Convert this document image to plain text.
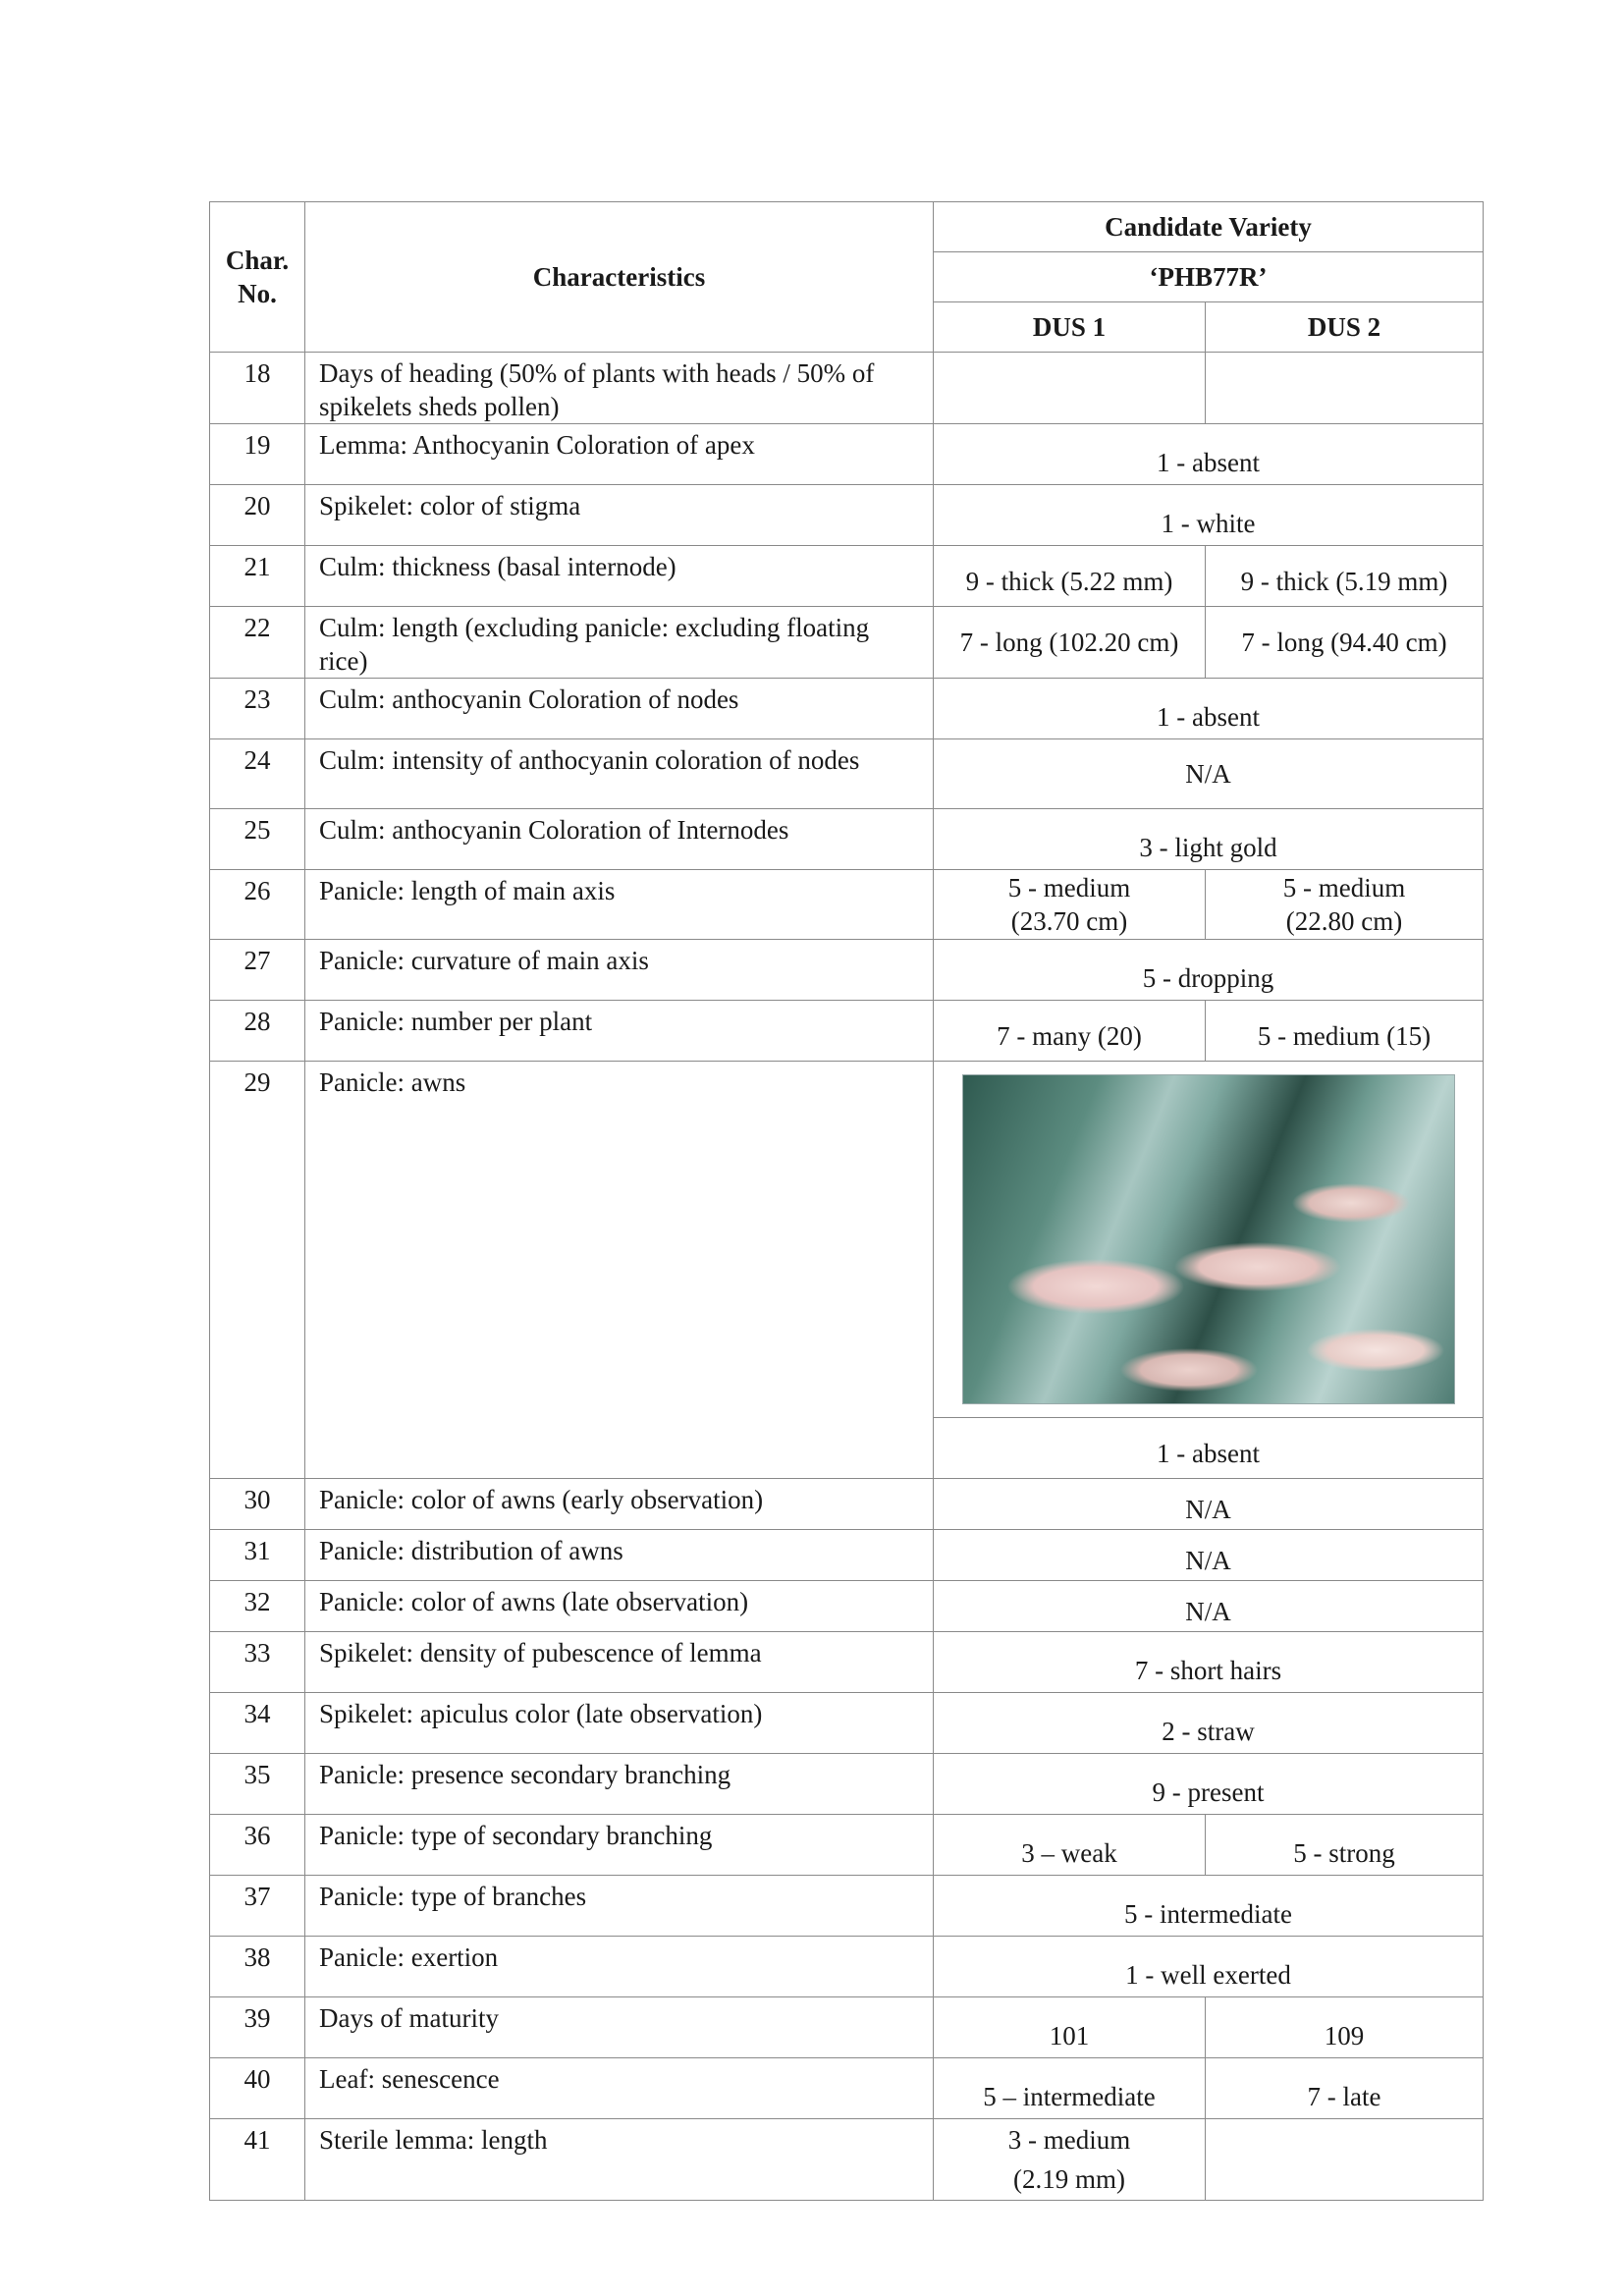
Char. No.	Characteristics	Candidate Variety	
		‘PHB77R’	
		DUS 1	DUS 2
18	Days of heading (50% of plants with heads / 50% of spikelets sheds pollen)		
19	Lemma: Anthocyanin Coloration of apex	1 - absent	
20	Spikelet: color of stigma	1 - white	
21	Culm: thickness (basal internode)	9 - thick (5.22 mm)	9 - thick (5.19 mm)
22	Culm: length (excluding panicle: excluding floating rice)	7 - long (102.20 cm)	7 - long (94.40 cm)
23	Culm: anthocyanin Coloration of nodes	1 - absent	
24	Culm: intensity of anthocyanin coloration of nodes	N/A	
25	Culm: anthocyanin Coloration of Internodes	3 - light gold	
26	Panicle: length of main axis	5 - medium (23.70 cm)	5 - medium (22.80 cm)
27	Panicle: curvature of main axis	5 - dropping	
28	Panicle: number per plant	7 - many (20)	5 - medium (15)
29	Panicle: awns		

		1 - absent	
30	Panicle: color of awns (early observation)	N/A	
31	Panicle: distribution of awns	N/A	
32	Panicle: color of awns (late observation)	N/A	
33	Spikelet: density of pubescence of lemma	7 - short hairs	
34	Spikelet: apiculus color (late observation)	2 - straw	
35	Panicle: presence secondary branching	9 - present	
36	Panicle: type of secondary branching	3 – weak	5 - strong
37	Panicle: type of branches	5 - intermediate	
38	Panicle: exertion	1 - well exerted	
39	Days of maturity	101	109
40	Leaf: senescence	5 – intermediate	7 - late
41	Sterile lemma: length	3 - medium (2.19 mm)	
